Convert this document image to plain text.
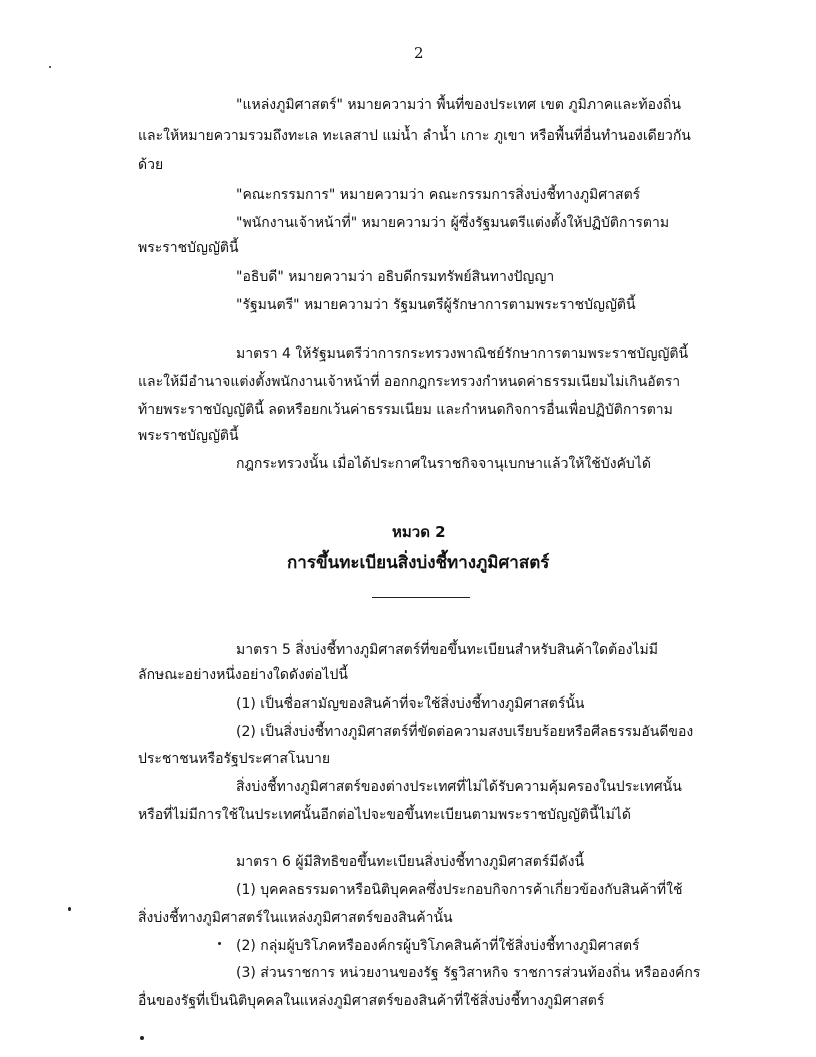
2
"แหล่งภูมิศาสตร์" หมายความว่า พื้นที่ของประเทศ เขต ภูมิภาคและท้องถิ่น
และให้หมายความรวมถึงทะเล ทะเลสาป แม่น้ำ ลำน้ำ เกาะ ภูเขา หรือพื้นที่อื่นทำนองเดียวกัน
ด้วย
"คณะกรรมการ" หมายความว่า คณะกรรมการสิ่งบ่งชี้ทางภูมิศาสตร์
"พนักงานเจ้าหน้าที่" หมายความว่า ผู้ซึ่งรัฐมนตรีแต่งตั้งให้ปฏิบัติการตาม
พระราชบัญญัตินี้
"อธิบดี" หมายความว่า อธิบดีกรมทรัพย์สินทางปัญญา
"รัฐมนตรี" หมายความว่า รัฐมนตรีผู้รักษาการตามพระราชบัญญัตินี้
มาตรา 4 ให้รัฐมนตรีว่าการกระทรวงพาณิชย์รักษาการตามพระราชบัญญัตินี้
และให้มีอำนาจแต่งตั้งพนักงานเจ้าหน้าที่ ออกกฎกระทรวงกำหนดค่าธรรมเนียมไม่เกินอัตรา
ท้ายพระราชบัญญัตินี้ ลดหรือยกเว้นค่าธรรมเนียม และกำหนดกิจการอื่นเพื่อปฏิบัติการตาม
พระราชบัญญัตินี้
กฎกระทรวงนั้น เมื่อได้ประกาศในราชกิจจานุเบกษาแล้วให้ใช้บังคับได้
หมวด 2
การขึ้นทะเบียนสิ่งบ่งชี้ทางภูมิศาสตร์
มาตรา 5 สิ่งบ่งชี้ทางภูมิศาสตร์ที่ขอขึ้นทะเบียนสำหรับสินค้าใดต้องไม่มี
ลักษณะอย่างหนึ่งอย่างใดดังต่อไปนี้
(1) เป็นชื่อสามัญของสินค้าที่จะใช้สิ่งบ่งชี้ทางภูมิศาสตร์นั้น
(2) เป็นสิ่งบ่งชี้ทางภูมิศาสตร์ที่ขัดต่อความสงบเรียบร้อยหรือศีลธรรมอันดีของ
ประชาชนหรือรัฐประศาสโนบาย
สิ่งบ่งชี้ทางภูมิศาสตร์ของต่างประเทศที่ไม่ได้รับความคุ้มครองในประเทศนั้น
หรือที่ไม่มีการใช้ในประเทศนั้นอีกต่อไปจะขอขึ้นทะเบียนตามพระราชบัญญัตินี้ไม่ได้
มาตรา 6 ผู้มีสิทธิขอขึ้นทะเบียนสิ่งบ่งชี้ทางภูมิศาสตร์มีดังนี้
(1) บุคคลธรรมดาหรือนิติบุคคลซึ่งประกอบกิจการค้าเกี่ยวข้องกับสินค้าที่ใช้
สิ่งบ่งชี้ทางภูมิศาสตร์ในแหล่งภูมิศาสตร์ของสินค้านั้น
(2) กลุ่มผู้บริโภคหรือองค์กรผู้บริโภคสินค้าที่ใช้สิ่งบ่งชี้ทางภูมิศาสตร์
(3) ส่วนราชการ หน่วยงานของรัฐ รัฐวิสาหกิจ ราชการส่วนท้องถิ่น หรือองค์กร
อื่นของรัฐที่เป็นนิติบุคคลในแหล่งภูมิศาสตร์ของสินค้าที่ใช้สิ่งบ่งชี้ทางภูมิศาสตร์
